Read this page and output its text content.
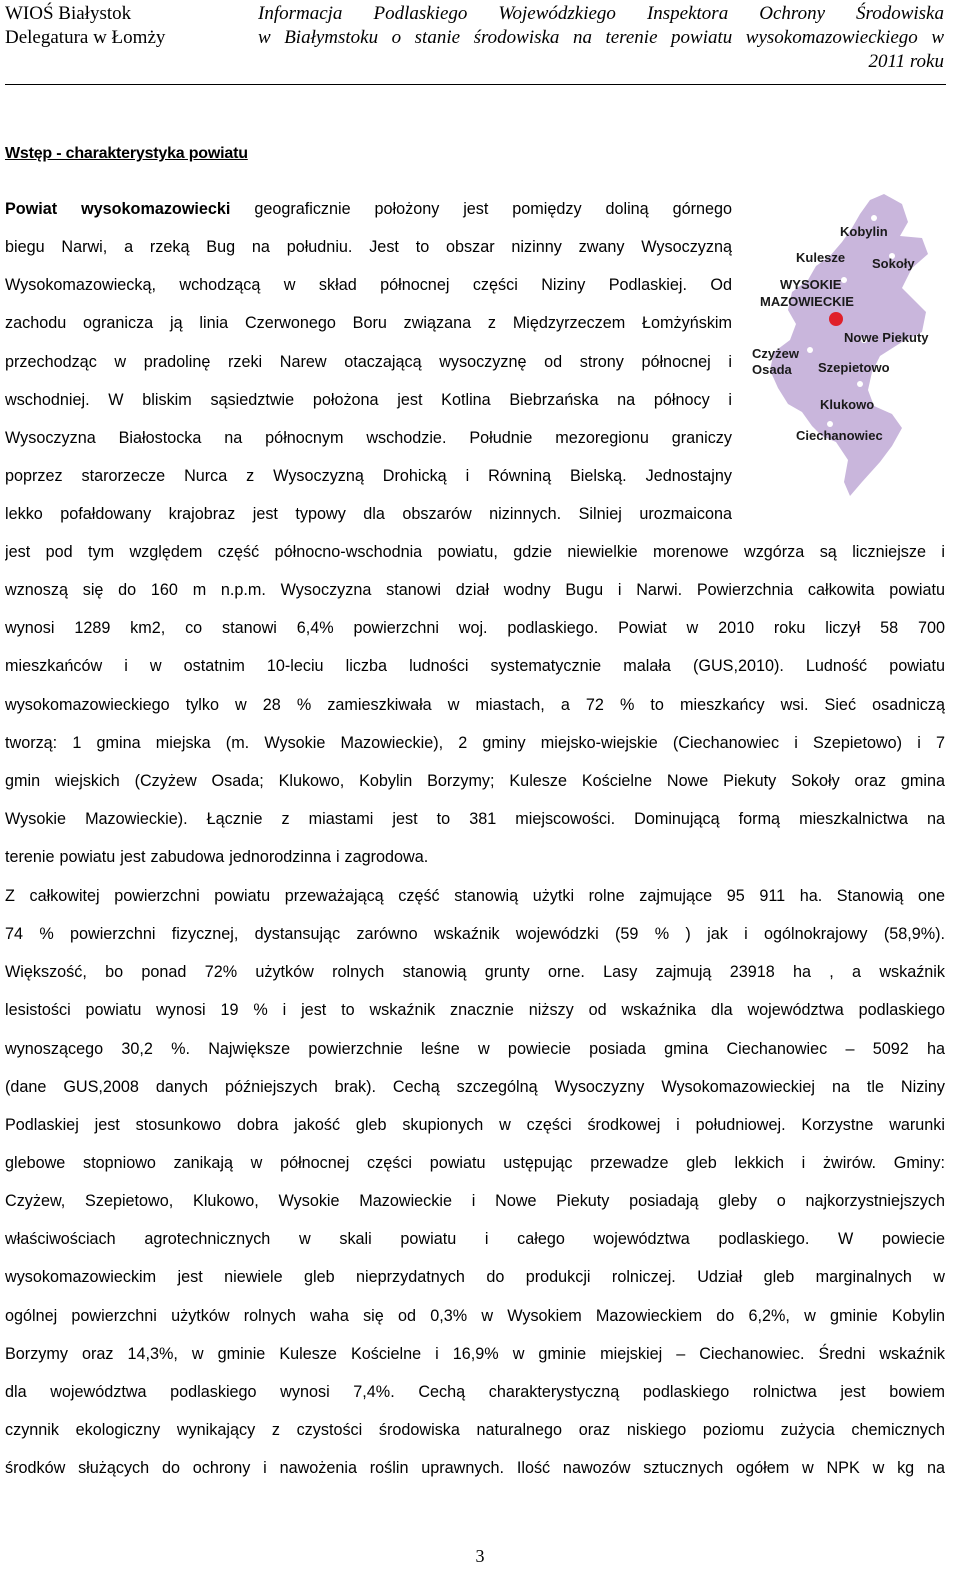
WIOŚ Białystok
Delegatura w Łomży
Informacja Podlaskiego Wojewódzkiego Inspektora Ochrony Środowiska
w Białymstoku o stanie środowiska na terenie powiatu wysokomazowieckiego w
2011 roku
Wstęp - charakterystyka powiatu
Powiat wysokomazowiecki geograficznie położony jest pomiędzy doliną górnego
biegu Narwi, a rzeką Bug na południu. Jest to obszar nizinny zwany Wysoczyzną
Wysokomazowiecką, wchodzącą w skład północnej części Niziny Podlaskiej. Od
zachodu ogranicza ją linia Czerwonego Boru związana z Międzyrzeczem Łomżyńskim
przechodząc w pradolinę rzeki Narew otaczającą wysoczyznę od strony północnej i
wschodniej. W bliskim sąsiedztwie położona jest Kotlina Biebrzańska na północy i
Wysoczyzna Białostocka na północnym wschodzie. Południe mezoregionu graniczy
poprzez starorzecze Nurca z Wysoczyzną Drohicką i Równiną Bielską. Jednostajny
lekko pofałdowany krajobraz jest typowy dla obszarów nizinnych. Silniej urozmaicona
Kobylin
Kulesze Sokoły
WYSOKIE
MAZOWIECKIE
Nowe Piekuty
Czyżew
Osada Szepietowo
Klukowo
Ciechanowiec
jest pod tym względem część północno-wschodnia powiatu, gdzie niewielkie morenowe wzgórza są liczniejsze i
wznoszą się do 160 m n.p.m. Wysoczyzna stanowi dział wodny Bugu i Narwi. Powierzchnia całkowita powiatu
wynosi 1289 km2, co stanowi 6,4% powierzchni woj. podlaskiego. Powiat w 2010 roku liczył 58 700
mieszkańców i w ostatnim 10-leciu liczba ludności systematycznie malała (GUS,2010). Ludność powiatu
wysokomazowieckiego tylko w 28 % zamieszkiwała w miastach, a 72 % to mieszkańcy wsi. Sieć osadniczą
tworzą: 1 gmina miejska (m. Wysokie Mazowieckie), 2 gminy miejsko-wiejskie (Ciechanowiec i Szepietowo) i 7
gmin wiejskich (Czyżew Osada; Klukowo, Kobylin Borzymy; Kulesze Kościelne Nowe Piekuty Sokoły oraz gmina
Wysokie Mazowieckie). Łącznie z miastami jest to 381 miejscowości. Dominującą formą mieszkalnictwa na
terenie powiatu jest zabudowa jednorodzinna i zagrodowa.
Z całkowitej powierzchni powiatu przeważającą część stanowią użytki rolne zajmujące 95 911 ha. Stanowią one
74 % powierzchni fizycznej, dystansując zarówno wskaźnik wojewódzki (59 % ) jak i ogólnokrajowy (58,9%).
Większość, bo ponad 72% użytków rolnych stanowią grunty orne. Lasy zajmują 23918 ha , a wskaźnik
lesistości powiatu wynosi 19 % i jest to wskaźnik znacznie niższy od wskaźnika dla województwa podlaskiego
wynoszącego 30,2 %. Największe powierzchnie leśne w powiecie posiada gmina Ciechanowiec – 5092 ha
(dane GUS,2008 danych późniejszych brak). Cechą szczególną Wysoczyzny Wysokomazowieckiej na tle Niziny
Podlaskiej jest stosunkowo dobra jakość gleb skupionych w części środkowej i południowej. Korzystne warunki
glebowe stopniowo zanikają w północnej części powiatu ustępując przewadze gleb lekkich i żwirów. Gminy:
Czyżew, Szepietowo, Klukowo, Wysokie Mazowieckie i Nowe Piekuty posiadają gleby o najkorzystniejszych
właściwościach agrotechnicznych w skali powiatu i całego województwa podlaskiego. W powiecie
wysokomazowieckim jest niewiele gleb nieprzydatnych do produkcji rolniczej. Udział gleb marginalnych w
ogólnej powierzchni użytków rolnych waha się od 0,3% w Wysokiem Mazowieckiem do 6,2%, w gminie Kobylin
Borzymy oraz 14,3%, w gminie Kulesze Kościelne i 16,9% w gminie miejskiej – Ciechanowiec. Średni wskaźnik
dla województwa podlaskiego wynosi 7,4%. Cechą charakterystyczną podlaskiego rolnictwa jest bowiem
czynnik ekologiczny wynikający z czystości środowiska naturalnego oraz niskiego poziomu zużycia chemicznych
środków służących do ochrony i nawożenia roślin uprawnych. Ilość nawozów sztucznych ogółem w NPK w kg na
3
